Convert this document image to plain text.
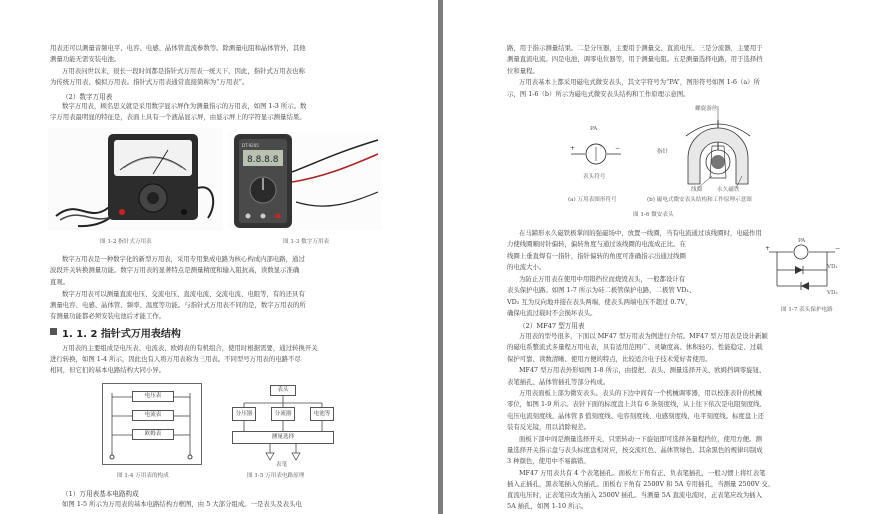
用表还可以测量音频电平、电容、电感、晶体管直流参数等。除测量电阻和晶体管外，其他

测量功能无需安装电池。

万用表问世以来，很长一段时间都是指针式万用表一统天下，因此，指针式万用表也称

为传统万用表、模拟万用表。指针式万用表通常直接简称为“万用表”。

（2）数字万用表

数字万用表，顾名思义就是采用数字显示屏作为测量指示的万用表，如图 1-3 所示。数

字万用表最明显的特征是，表面上具有一个液晶显示屏，由显示屏上的字符显示测量结果。

图 1-2 指针式万用表

DT-9205
8.8.8.8

图 1-3 数字万用表

数字万用表是一种数字化的新型万用表，采用专用集成电路为核心构成内部电路，通过

波段开关转换测量功能。数字万用表的显著特点是测量精度和输入阻抗高，读数显示准确

直观。

数字万用表可以测量直流电压、交流电压、直流电流、交流电流、电阻等，有的还具有

测量电容、电感、晶体管、频率、温度等功能。与指针式万用表不同的是，数字万用表的所

有测量功能都必须安装电池后才能工作。

1. 1. 2 指针式万用表结构

万用表的主要组成是电压表、电流表、欧姆表的有机组合，使用时根据需要，通过转换开关

进行转换，如图 1-4 所示，因此也有人将万用表称为三用表。不同型号万用表的电路不尽

相同，但它们的基本电路结构大同小异。

电压表
电流表
欧姆表

图 1-4 万用表的构成

表头
分压器	分流器	电池等
测量选择

表笔

图 1-5 万用表电路原理

（1）万用表基本电路构成

如图 1-5 所示为万用表的基本电路结构方框图，由 5 大部分组成。一是表头及表头电

路，用于指示测量结果。二是分压器，主要用于测量交、直流电压。三是分流器，主要用于

测量直流电流。四是电池、调零电位器等，用于测量电阻。五是测量选择电路，用于选择挡

位和量程。

万用表基本上都采用磁电式微安表头，其文字符号为“PA”，图形符号如图 1-6（a）所

示，图 1-6（b）所示为磁电式微安表头结构和工作原理示意图。

+	−

PA

表头符号

(a) 万用表图形符号

螺旋游丝

指针

线圈	永久磁铁

(b) 磁电式微安表头结构和工作原理示意图

图 1-6 微安表头

在马蹄形永久磁铁极掌间的强磁场中，放置一线圈，当有电流通过该线圈时，电磁作用

力使线圈顺时针偏转，偏转角度与通过该线圈的电流成正比。在

线圈上垂直焊有一指针，指针偏转的角度可准确指示出通过线圈

的电流大小。

为防止万用表在使用中用错挡位而烧毁表头，一般都设计有

表头保护电路。如图 1-7 所示为硅二极管保护电路，二极管 VD₁、

VD₂ 互为反向地并接在表头两端，使表头两端电压不超过 0.7V，

确保电流过载时不会损坏表头。

+	−

PA

VD₁

VD₂

图 1-7 表头保护电路

（2）MF47 型万用表

万用表的型号很多，下面以 MF47 型万用表为例进行介绍。MF47 型万用表是设计新颖

的磁电系整流式多量程万用电表，具有适用范围广、灵敏度高、体积轻巧、性能稳定、过载

保护可靠、读数清晰、使用方便的特点，比较适合电子技术爱好者使用。

MF47 型万用表外形如图 1-8 所示，由提把、表头、测量选择开关、欧姆挡调零旋钮、

表笔插孔、晶体管插孔等部分构成。

万用表面板上部为微安表头。表头的下边中间有一个机械调零器，用以校准表针的机械

零位，如图 1-9 所示。表针下面的标度盘上共有 6 条刻度线，从上往下依次是电阻刻度线、

电压电流刻度线、晶体管 β 值刻度线、电容刻度线、电感刻度线、电平刻度线。标度盘上还

装有反光镜，用以消除视差。

面板下部中间是测量选择开关，只需转动一下旋钮即可选择各量程挡位，使用方便。测

量选择开关指示盘与表头标度盘相对应，按交流红色、晶体管绿色、其余黑色的规律印制成

3 种颜色，使用中不易搞错。

MF47 万用表共有 4 个表笔插孔。面板左下角有正、负表笔插孔，一般习惯上将红表笔

插入正插孔，黑表笔插入负插孔。面板右下角有 2500V 和 5A 专用插孔，当测量 2500V 交、

直流电压时，正表笔应改为插入 2500V 插孔。当测量 5A 直流电流时，正表笔应改为插入

5A 插孔，如图 1-10 所示。
